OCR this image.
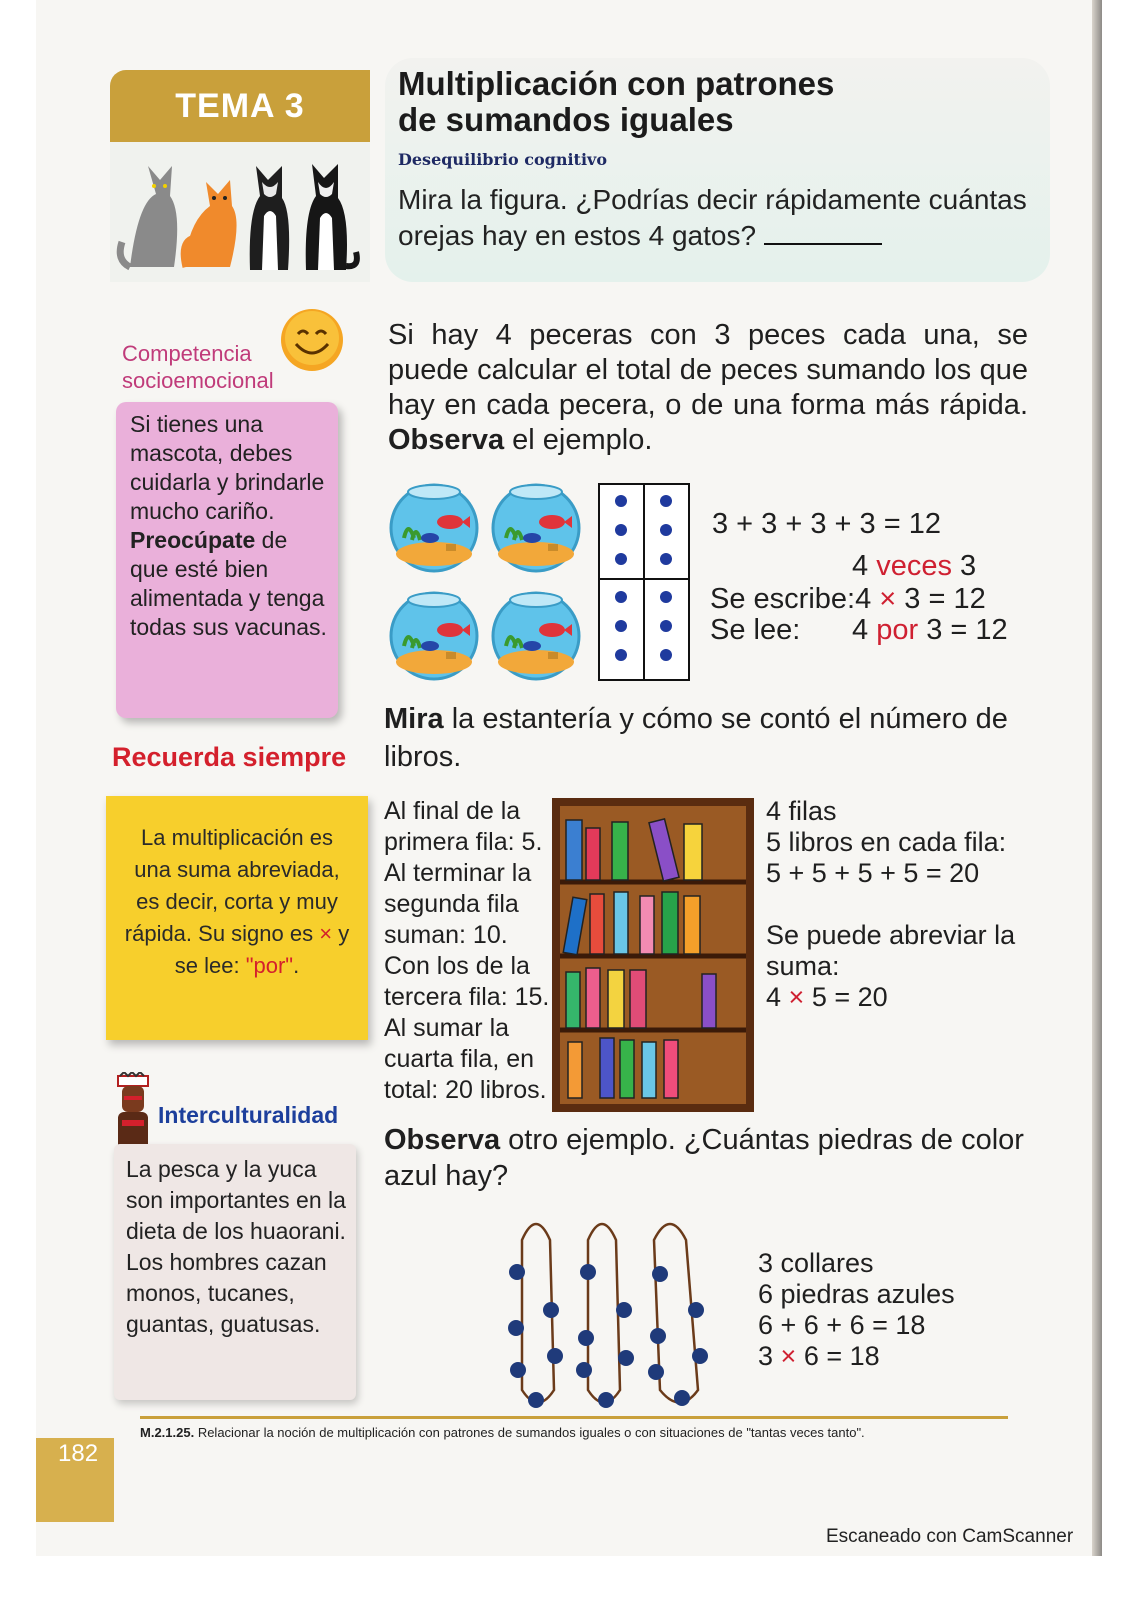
TEMA 3
Multiplicación con patrones
de sumandos iguales
Desequilibrio cognitivo
Mira la figura. ¿Podrías decir rápidamente cuántas orejas hay en estos 4 gatos?
Competencia
socioemocional
Si tienes una mascota, debes cuidarla y brindarle mucho cariño.
Preocúpate de que esté bien alimentada y tenga todas sus vacunas.
Recuerda siempre
La multiplicación es una suma abreviada, es decir, corta y muy rápida. Su signo es × y se lee: "por".
Interculturalidad
La pesca y la yuca son importantes en la dieta de los huaorani. Los hombres cazan monos, tucanes, guantas, guatusas.
Si hay 4 peceras con 3 peces cada una, se puede calcular el total de peces sumando los que hay en cada pecera, o de una forma más rápida. Observa el ejemplo.
3 + 3 + 3 + 3 = 12
4 veces 3
Se escribe:4 × 3 = 12
Se lee: 4 por 3 = 12
Mira la estantería y cómo se contó el número de libros.
Al final de la primera fila: 5. Al terminar la segunda fila suman: 10. Con los de la tercera fila: 15. Al sumar la cuarta fila, en total: 20 libros.
4 filas
5 libros en cada fila:
5 + 5 + 5 + 5 = 20
Se puede abreviar la suma:
4 × 5 = 20
Observa otro ejemplo. ¿Cuántas piedras de color azul hay?
3 collares
6 piedras azules
6 + 6 + 6 = 18
3 × 6 = 18
M.2.1.25. Relacionar la noción de multiplicación con patrones de sumandos iguales o con situaciones de "tantas veces tanto".
182
Escaneado con CamScanner
